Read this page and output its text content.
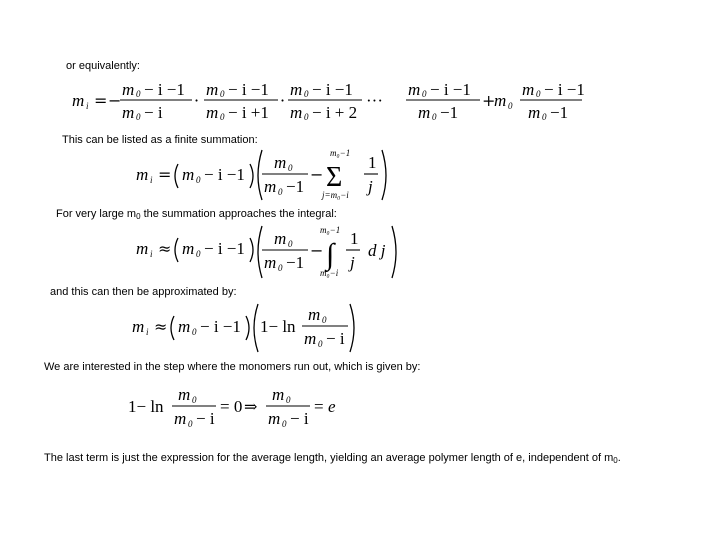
or equivalently:
This can be listed as a finite summation:
For very large $m_0$ the summation approaches the integral:
and this can then be approximated by:
We are interested in the step where the monomers run out, which is given by:
The last term is just the expression for the average length, yielding an average polymer length of e, independent of $m_0$.
m i = −
m 0 − i −1
m 0 − i
·
m 0 − i −1
m 0 − i +1
·
m 0 − i −1
m 0 − i + 2
···
m 0 − i −1
m 0 −1
+
m 0
m 0 − i −1
m 0 −1
m i = m 0 − i −1
m 0
m 0 −1
−
m₀−1
Σ
j=m₀−i
1
j
m i ≈ m 0 − i −1
m 0
m 0 −1
−
m₀−1
∫
m₀−i
1
j
d j
m i ≈ m 0 − i −1 1− ln
m 0
m 0 − i
1− ln
m 0
m 0 − i
= 0 ⇒
m 0
m 0 − i
= e
